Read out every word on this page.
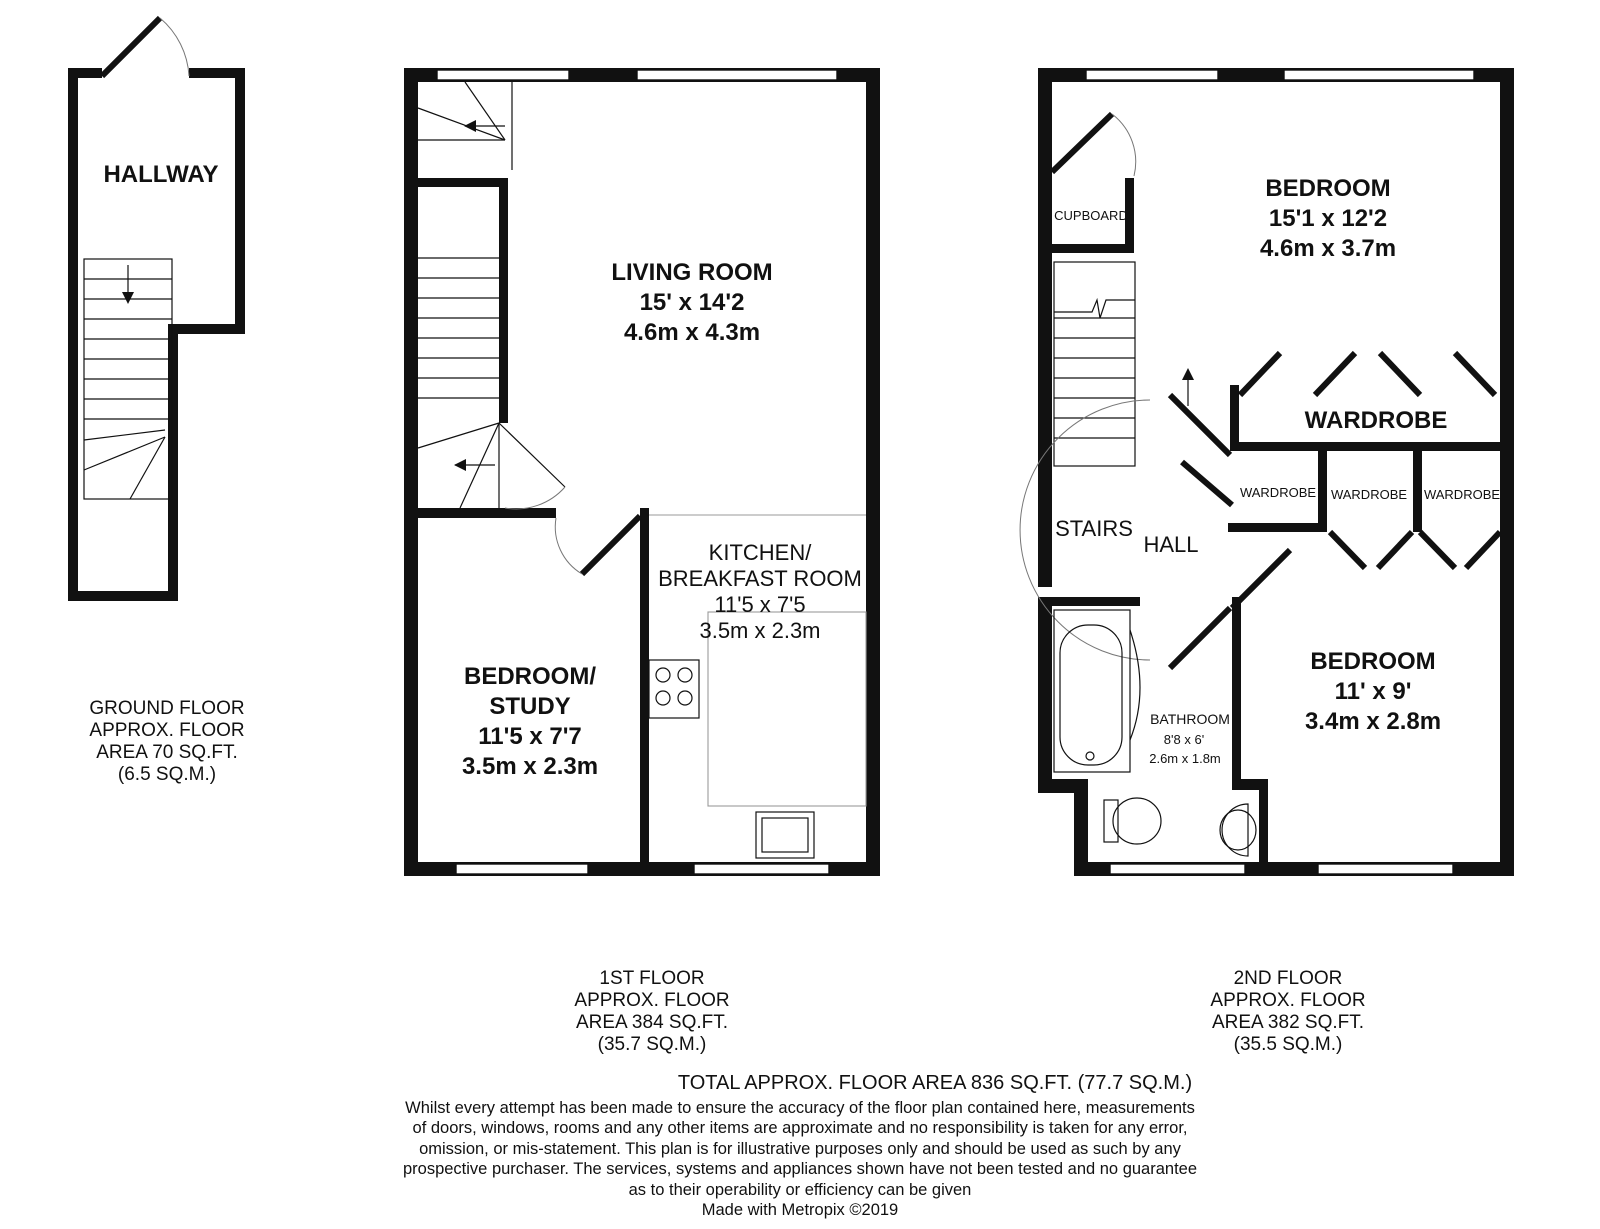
HALLWAY
LIVING ROOM
15' x 14'2
4.6m x 4.3m
BEDROOM/
STUDY
11'5 x 7'7
3.5m x 2.3m
KITCHEN/
BREAKFAST ROOM
11'5 x 7'5
3.5m x 2.3m
BEDROOM
15'1 x 12'2
4.6m x 3.7m
BEDROOM
11' x 9'
3.4m x 2.8m
CUPBOARD
WARDROBE
WARDROBE WARDROBE WARDROBE
STAIRS
HALL
BATHROOM
8'8 x 6'
2.6m x 1.8m
GROUND FLOOR
APPROX. FLOOR
AREA 70 SQ.FT.
(6.5 SQ.M.)
1ST FLOOR
APPROX. FLOOR
AREA 384 SQ.FT.
(35.7 SQ.M.)
2ND FLOOR
APPROX. FLOOR
AREA 382 SQ.FT.
(35.5 SQ.M.)
TOTAL APPROX. FLOOR AREA 836 SQ.FT. (77.7 SQ.M.)
Whilst every attempt has been made to ensure the accuracy of the floor plan contained here, measurements
of doors, windows, rooms and any other items are approximate and no responsibility is taken for any error,
omission, or mis-statement. This plan is for illustrative purposes only and should be used as such by any
prospective purchaser. The services, systems and appliances shown have not been tested and no guarantee
as to their operability or efficiency can be given
Made with Metropix ©2019
